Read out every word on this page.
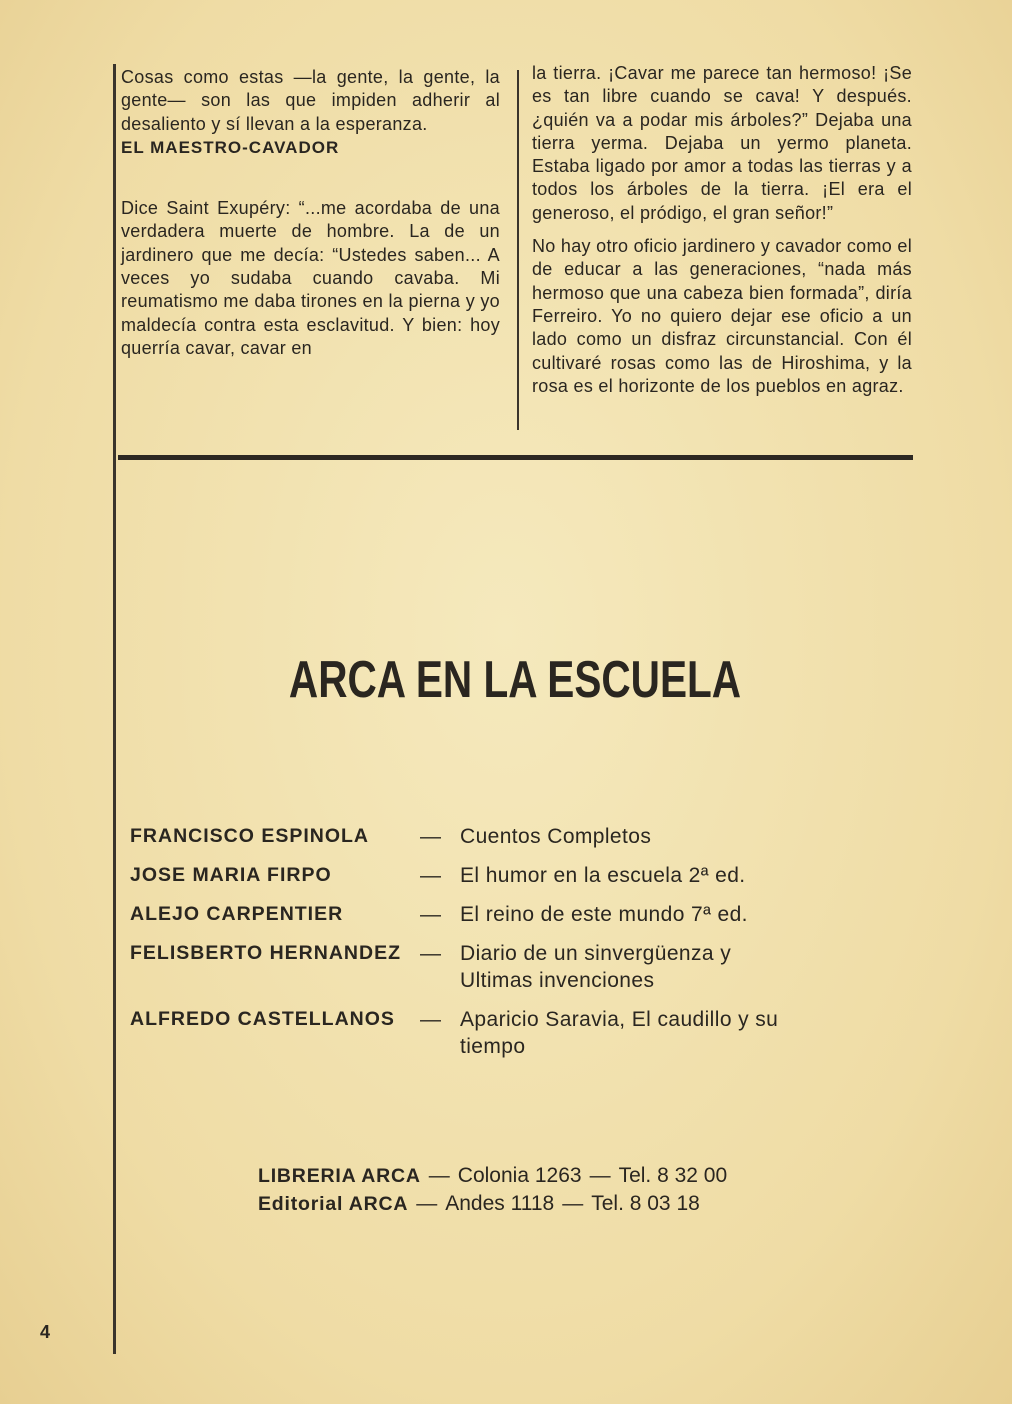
Cosas como estas —la gente, la gente, la gente— son las que impiden adherir al desaliento y sí llevan a la esperanza.

EL MAESTRO-CAVADOR

Dice Saint Exupéry: “...me acordaba de una verdadera muerte de hombre. La de un jardinero que me decía: “Ustedes saben... A veces yo sudaba cuando cavaba. Mi reumatismo me daba tirones en la pierna y yo maldecía contra esta esclavitud. Y bien: hoy querría cavar, cavar en

la tierra. ¡Cavar me parece tan hermoso! ¡Se es tan libre cuando se cava! Y después. ¿quién va a podar mis árboles?” Dejaba una tierra yerma. Dejaba un yermo planeta. Estaba ligado por amor a todas las tierras y a todos los árboles de la tierra. ¡El era el generoso, el pródigo, el gran señor!”

No hay otro oficio jardinero y cavador como el de educar a las generaciones, “nada más hermoso que una cabeza bien formada”, diría Ferreiro. Yo no quiero dejar ese oficio a un lado como un disfraz circunstancial. Con él cultivaré rosas como las de Hiroshima, y la rosa es el horizonte de los pueblos en agraz.

ARCA EN LA ESCUELA
FRANCISCO ESPINOLA	— Cuentos Completos
JOSE MARIA FIRPO	— El humor en la escuela 2ª ed.
ALEJO CARPENTIER	— El reino de este mundo 7ª ed.
FELISBERTO HERNANDEZ — Diario de un sinvergüenza y Ultimas invenciones
ALFREDO CASTELLANOS	— Aparicio Saravia, El caudillo y su tiempo
LIBRERIA ARCA — Colonia 1263 — Tel. 8 32 00
Editorial ARCA — Andes 1118 — Tel. 8 03 18
4
